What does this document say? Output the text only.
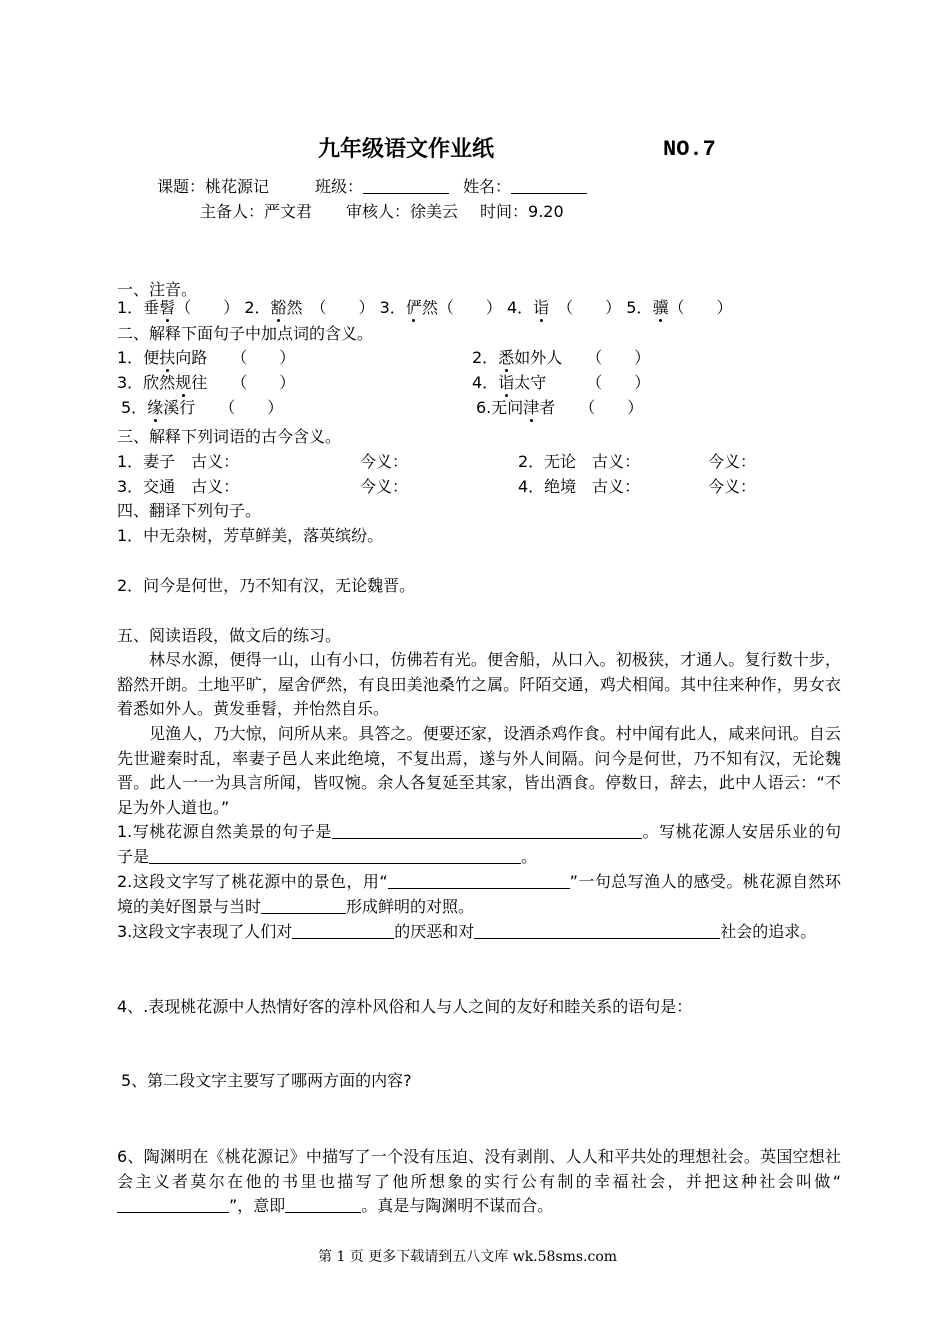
九年级语文作业纸	NO.7
课题：桃花源记	班级：	姓名：
主备人：严文君 审核人：徐美云 时间：9.20
一、注音。
1．垂髫（　　） 2．豁然　（　　） 3．俨然（　　） 4．诣　（　　） 5．骥（　　）
二、解释下面句子中加点词的含义。
1．便扶向路　　（　　）	2．悉如外人　　（　　）
3．欣然规往　　（　　）	4．诣太守　　　（　　）
5．缘溪行　　（　　）	6.无问津者　　（　　）
三、解释下列词语的古今含义。
1．妻子　古义：	今义：	2．无论　古义：	今义：
3．交通　古义：	今义：	4．绝境　古义：	今义：
四、翻译下列句子。
1．中无杂树，芳草鲜美，落英缤纷。
2．问今是何世，乃不知有汉，无论魏晋。
五、阅读语段，做文后的练习。
林尽水源，便得一山，山有小口，仿佛若有光。便舍船，从口入。初极狭，才通人。复行数十步，豁然开朗。土地平旷，屋舍俨然，有良田美池桑竹之属。阡陌交通，鸡犬相闻。其中往来种作，男女衣着悉如外人。黄发垂髫，并怡然自乐。
见渔人，乃大惊，问所从来。具答之。便要还家，设酒杀鸡作食。村中闻有此人，咸来问讯。自云先世避秦时乱，率妻子邑人来此绝境，不复出焉，遂与外人间隔。问今是何世，乃不知有汉，无论魏晋。此人一一为具言所闻，皆叹惋。余人各复延至其家，皆出酒食。停数日，辞去，此中人语云：“不足为外人道也。”
1.写桃花源自然美景的句子是	。写桃花源人安居乐业的句子是	。
2.这段文字写了桃花源中的景色，用“	”一句总写渔人的感受。桃花源自然环境的美好图景与当时	形成鲜明的对照。
3.这段文字表现了人们对	的厌恶和对	社会的追求。
4、.表现桃花源中人热情好客的淳朴风俗和人与人之间的友好和睦关系的语句是：
5、第二段文字主要写了哪两方面的内容?
6、陶渊明在《桃花源记》中描写了一个没有压迫、没有剥削、人人和平共处的理想社会。英国空想社会主义者莫尔在他的书里也描写了他所想象的实行公有制的幸福社会，并把这种社会叫做“”，意即	。真是与陶渊明不谋而合。
第 1 页 更多下载请到五八文库 wk.58sms.com
